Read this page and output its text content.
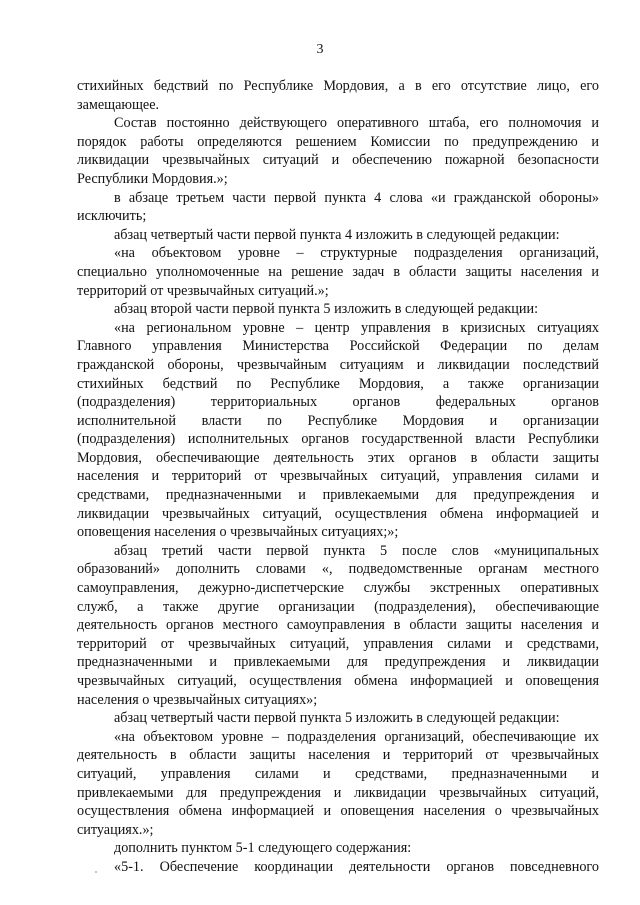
3
стихийных бедствий по Республике Мордовия, а в его отсутствие лицо, его
замещающее.
Состав постоянно действующего оперативного штаба, его полномочия и
порядок работы определяются решением Комиссии по предупреждению и
ликвидации чрезвычайных ситуаций и обеспечению пожарной безопасности
Республики Мордовия.»;
в абзаце третьем части первой пункта 4 слова «и гражданской обороны»
исключить;
абзац четвертый части первой пункта 4 изложить в следующей редакции:
«на объектовом уровне – структурные подразделения организаций,
специально уполномоченные на решение задач в области защиты населения и
территорий от чрезвычайных ситуаций.»;
абзац второй части первой пункта 5 изложить в следующей редакции:
«на региональном уровне – центр управления в кризисных ситуациях
Главного управления Министерства Российской Федерации по делам
гражданской обороны, чрезвычайным ситуациям и ликвидации последствий
стихийных бедствий по Республике Мордовия, а также организации
(подразделения) территориальных органов федеральных органов
исполнительной власти по Республике Мордовия и организации
(подразделения) исполнительных органов государственной власти Республики
Мордовия, обеспечивающие деятельность этих органов в области защиты
населения и территорий от чрезвычайных ситуаций, управления силами и
средствами, предназначенными и привлекаемыми для предупреждения и
ликвидации чрезвычайных ситуаций, осуществления обмена информацией и
оповещения населения о чрезвычайных ситуациях;»;
абзац третий части первой пункта 5 после слов «муниципальных
образований» дополнить словами «, подведомственные органам местного
самоуправления, дежурно-диспетчерские службы экстренных оперативных
служб, а также другие организации (подразделения), обеспечивающие
деятельность органов местного самоуправления в области защиты населения и
территорий от чрезвычайных ситуаций, управления силами и средствами,
предназначенными и привлекаемыми для предупреждения и ликвидации
чрезвычайных ситуаций, осуществления обмена информацией и оповещения
населения о чрезвычайных ситуациях»;
абзац четвертый части первой пункта 5 изложить в следующей редакции:
«на объектовом уровне – подразделения организаций, обеспечивающие их
деятельность в области защиты населения и территорий от чрезвычайных
ситуаций, управления силами и средствами, предназначенными и
привлекаемыми для предупреждения и ликвидации чрезвычайных ситуаций,
осуществления обмена информацией и оповещения населения о чрезвычайных
ситуациях.»;
дополнить пунктом 5-1 следующего содержания:
«5-1. Обеспечение координации деятельности органов повседневного
